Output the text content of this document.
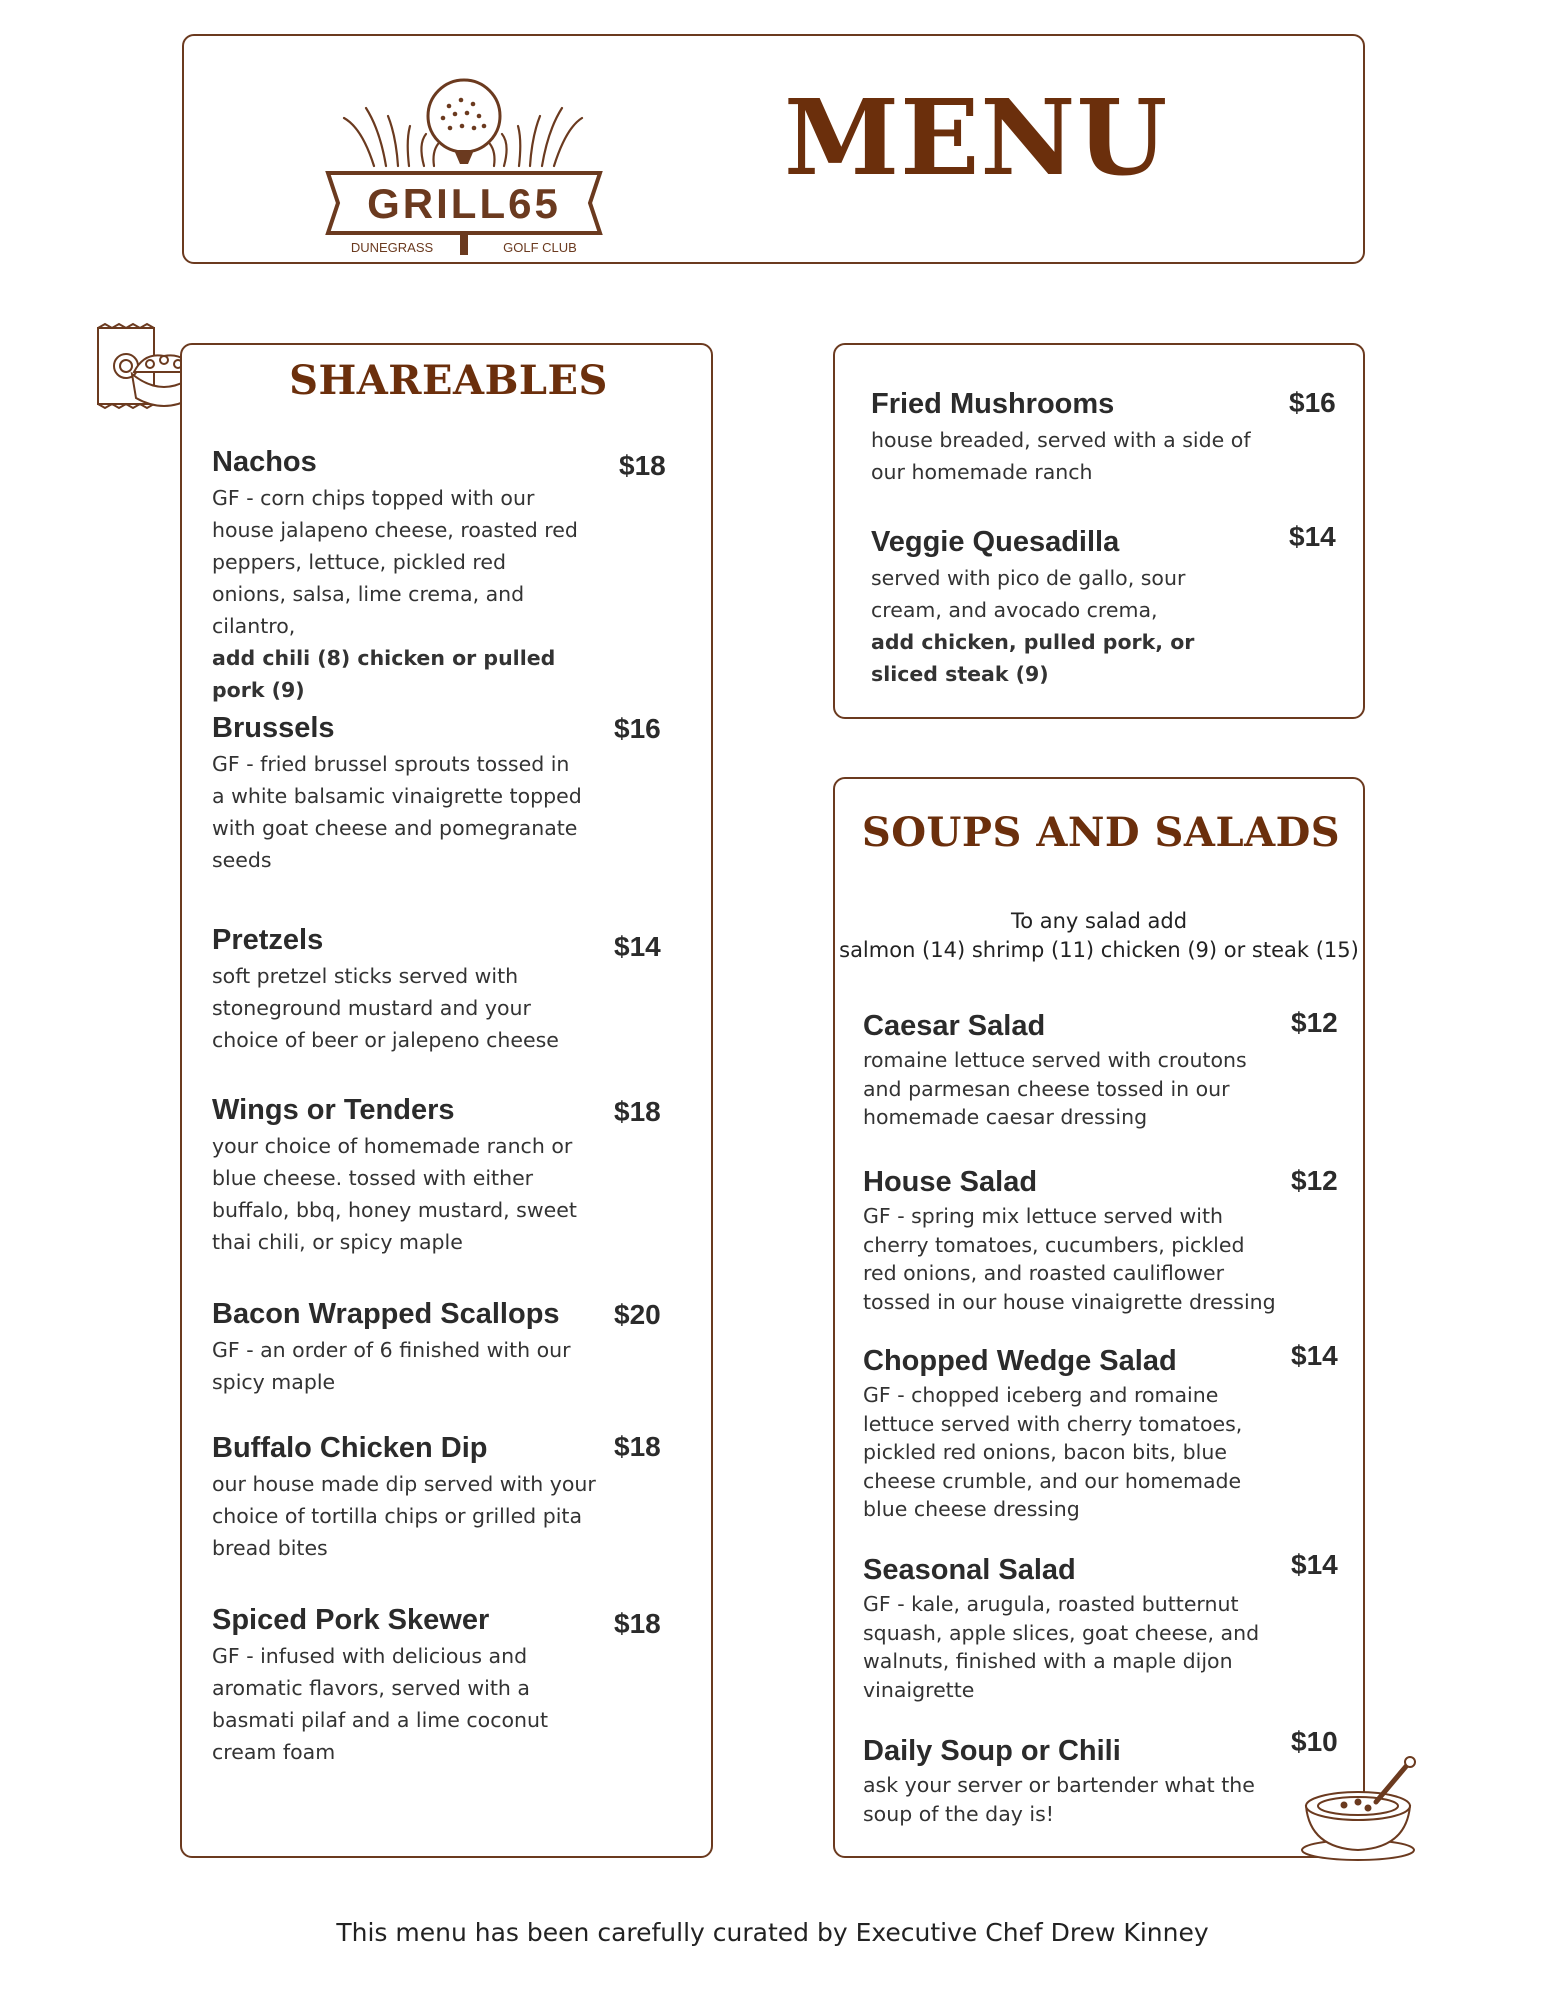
GRILL65
DUNEGRASS	GOLF CLUB
MENU
SHAREABLES
Nachos	$18
GF - corn chips topped with our house jalapeno cheese, roasted red peppers, lettuce, pickled red onions, salsa, lime crema, and cilantro,
add chili (8) chicken or pulled pork (9)
Brussels	$16
GF - fried brussel sprouts tossed in a white balsamic vinaigrette topped with goat cheese and pomegranate seeds
Pretzels	$14
soft pretzel sticks served with stoneground mustard and your choice of beer or jalepeno cheese
Wings or Tenders	$18
your choice of homemade ranch or blue cheese. tossed with either buffalo, bbq, honey mustard, sweet thai chili, or spicy maple
Bacon Wrapped Scallops	$20
GF - an order of 6 finished with our spicy maple
Buffalo Chicken Dip	$18
our house made dip served with your choice of tortilla chips or grilled pita bread bites
Spiced Pork Skewer	$18
GF - infused with delicious and aromatic flavors, served with a basmati pilaf and a lime coconut cream foam
Fried Mushrooms	$16
house breaded, served with a side of our homemade ranch
Veggie Quesadilla	$14
served with pico de gallo, sour cream, and avocado crema,
add chicken, pulled pork, or sliced steak (9)
SOUPS AND SALADS
To any salad add
salmon (14) shrimp (11) chicken (9) or steak (15)
Caesar Salad	$12
romaine lettuce served with croutons and parmesan cheese tossed in our homemade caesar dressing
House Salad	$12
GF - spring mix lettuce served with cherry tomatoes, cucumbers, pickled red onions, and roasted cauliflower tossed in our house vinaigrette dressing
Chopped Wedge Salad	$14
GF - chopped iceberg and romaine lettuce served with cherry tomatoes, pickled red onions, bacon bits, blue cheese crumble, and our homemade blue cheese dressing
Seasonal Salad	$14
GF - kale, arugula, roasted butternut squash, apple slices, goat cheese, and walnuts, finished with a maple dijon vinaigrette
Daily Soup or Chili	$10
ask your server or bartender what the soup of the day is!
This menu has been carefully curated by Executive Chef Drew Kinney
